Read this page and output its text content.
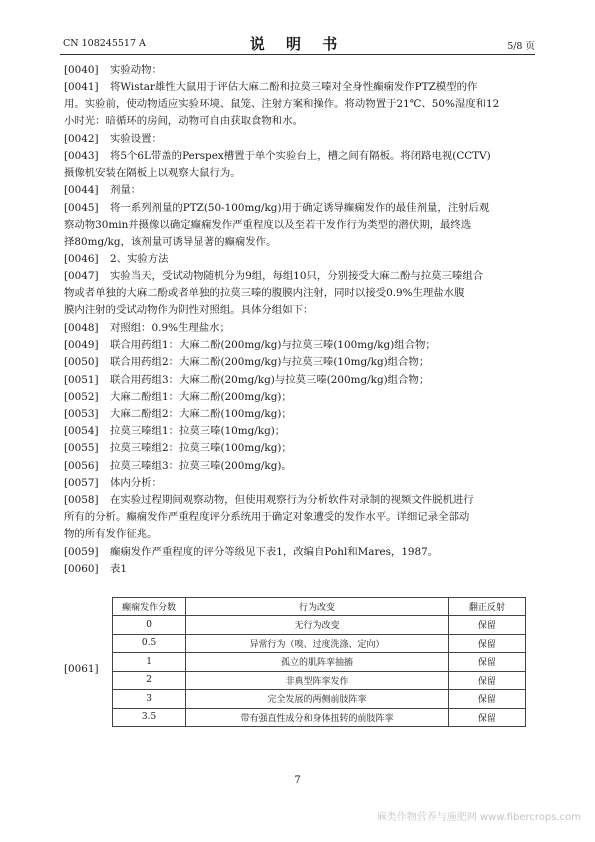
CN 108245517 A	说 明 书	5/8 页
[0040] 实验动物：
[0041] 将Wistar雄性大鼠用于评估大麻二酚和拉莫三嗪对全身性癫痫发作PTZ模型的作
用。实验前，使动物适应实验环境、鼠笼、注射方案和操作。将动物置于21℃、50%湿度和12
小时光：暗循环的房间，动物可自由获取食物和水。
[0042] 实验设置：
[0043] 将5个6L带盖的Perspex槽置于单个实验台上，槽之间有隔板。将闭路电视(CCTV)
摄像机安装在隔板上以观察大鼠行为。
[0044] 剂量：
[0045] 将一系列剂量的PTZ(50-100mg/kg)用于确定诱导癫痫发作的最佳剂量，注射后观
察动物30min并摄像以确定癫痫发作严重程度以及至若干发作行为类型的潜伏期，最终选
择80mg/kg，该剂量可诱导显著的癫痫发作。
[0046] 2、实验方法
[0047] 实验当天，受试动物随机分为9组，每组10只，分别接受大麻二酚与拉莫三嗪组合
物或者单独的大麻二酚或者单独的拉莫三嗪的腹膜内注射，同时以接受0.9%生理盐水腹
膜内注射的受试动物作为阴性对照组。具体分组如下：
[0048] 对照组：0.9%生理盐水；
[0049] 联合用药组1：大麻二酚(200mg/kg)与拉莫三嗪(100mg/kg)组合物；
[0050] 联合用药组2：大麻二酚(200mg/kg)与拉莫三嗪(10mg/kg)组合物；
[0051] 联合用药组3：大麻二酚(20mg/kg)与拉莫三嗪(200mg/kg)组合物；
[0052] 大麻二酚组1：大麻二酚(200mg/kg)；
[0053] 大麻二酚组2：大麻二酚(100mg/kg)；
[0054] 拉莫三嗪组1：拉莫三嗪(10mg/kg)；
[0055] 拉莫三嗪组2：拉莫三嗪(100mg/kg)；
[0056] 拉莫三嗪组3：拉莫三嗪(200mg/kg)。
[0057] 体内分析：
[0058] 在实验过程期间观察动物，但使用观察行为分析软件对录制的视频文件脱机进行
所有的分析。癫痫发作严重程度评分系统用于确定对象遭受的发作水平。详细记录全部动
物的所有发作征兆。
[0059] 癫痫发作严重程度的评分等级见下表1，改编自Pohl和Mares，1987。
[0060] 表1
[0061]
癫痫发作分数	行为改变	翻正反射
0	无行为改变	保留
0.5	异常行为（嗅、过度洗涤、定向）	保留
1	孤立的肌阵挛抽搐	保留
2	非典型阵挛发作	保留
3	完全发展的两侧前肢阵挛	保留
3.5	带有强直性成分和身体扭转的前肢阵挛	保留
7
麻类作物营养与施肥网 www.fibercrops.com
